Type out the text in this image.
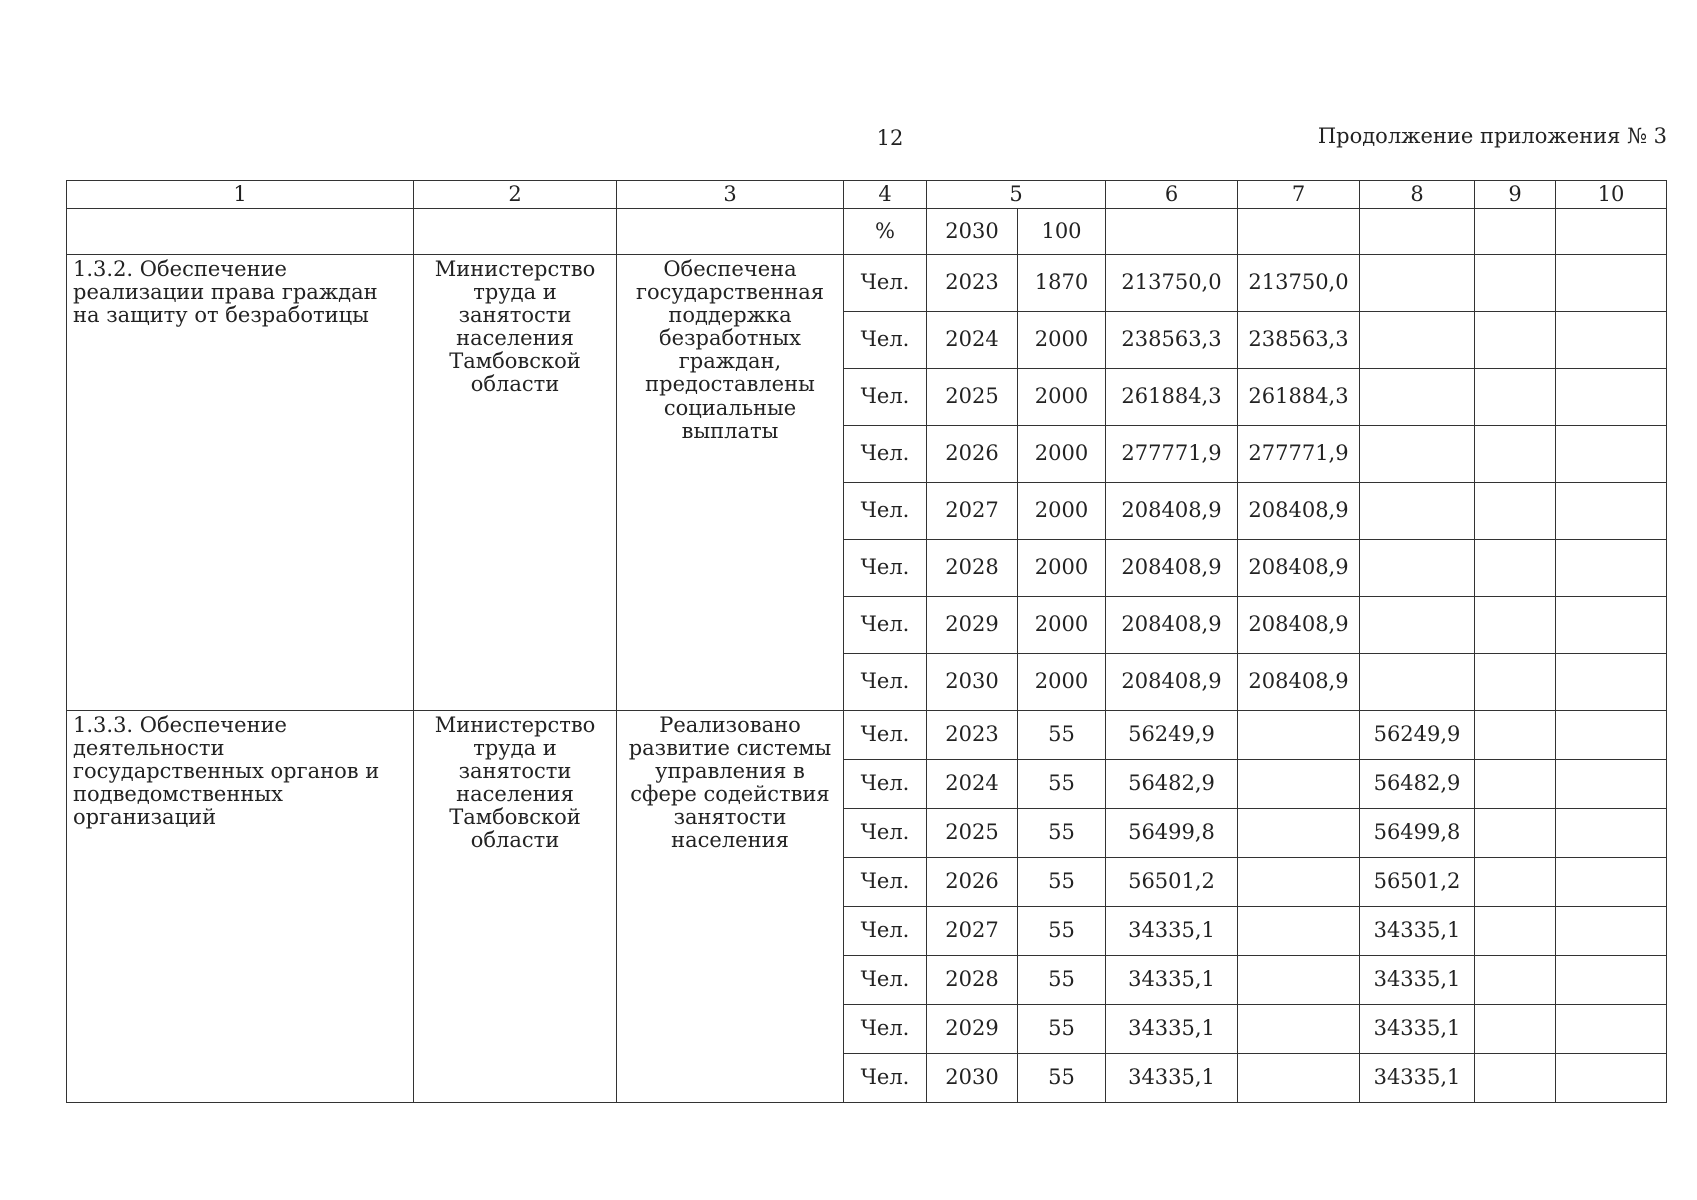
12	Продолжение приложения № 3
1	2	3	4	5		6	7	8	9	10
			%	2030	100					
1.3.2. Обеспечение реализации права граждан на защиту от безработицы	Министерство труда и занятости населения Тамбовской области	Обеспечена государственная поддержка безработных граждан, предоставлены социальные выплаты	Чел.	2023	1870	213750,0	213750,0			
			Чел.	2024	2000	238563,3	238563,3			
			Чел.	2025	2000	261884,3	261884,3			
			Чел.	2026	2000	277771,9	277771,9			
			Чел.	2027	2000	208408,9	208408,9			
			Чел.	2028	2000	208408,9	208408,9			
			Чел.	2029	2000	208408,9	208408,9			
			Чел.	2030	2000	208408,9	208408,9			
1.3.3. Обеспечение деятельности государственных органов и подведомственных организаций	Министерство труда и занятости населения Тамбовской области	Реализовано развитие системы управления в сфере содействия занятости населения	Чел.	2023	55	56249,9		56249,9		
			Чел.	2024	55	56482,9		56482,9		
			Чел.	2025	55	56499,8		56499,8		
			Чел.	2026	55	56501,2		56501,2		
			Чел.	2027	55	34335,1		34335,1		
			Чел.	2028	55	34335,1		34335,1		
			Чел.	2029	55	34335,1		34335,1		
			Чел.	2030	55	34335,1		34335,1		
